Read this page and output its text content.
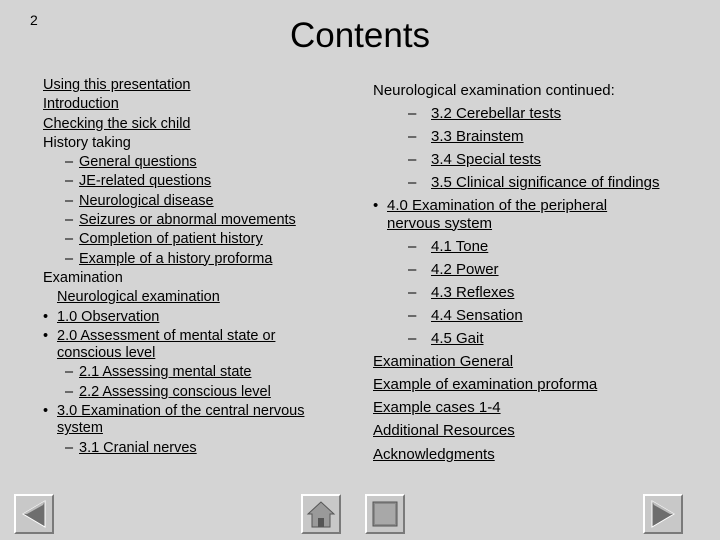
2	Contents
Using this presentation
Introduction
Checking the sick child
History taking
– General questions
– JE-related questions
– Neurological disease
– Seizures or abnormal movements
– Completion of patient history
– Example of a history proforma
Examination
Neurological examination
• 1.0 Observation
• 2.0 Assessment of mental state or
conscious level
– 2.1 Assessing mental state
– 2.2 Assessing conscious level
• 3.0 Examination of the central nervous
system
– 3.1 Cranial nerves
Neurological examination continued:
– 3.2 Cerebellar tests
– 3.3 Brainstem
– 3.4 Special tests
– 3.5 Clinical significance of findings
• 4.0 Examination of the peripheral
nervous system
– 4.1 Tone
– 4.2 Power
– 4.3 Reflexes
– 4.4 Sensation
– 4.5 Gait
Examination General
Example of examination proforma
Example cases 1-4
Additional Resources
Acknowledgments
